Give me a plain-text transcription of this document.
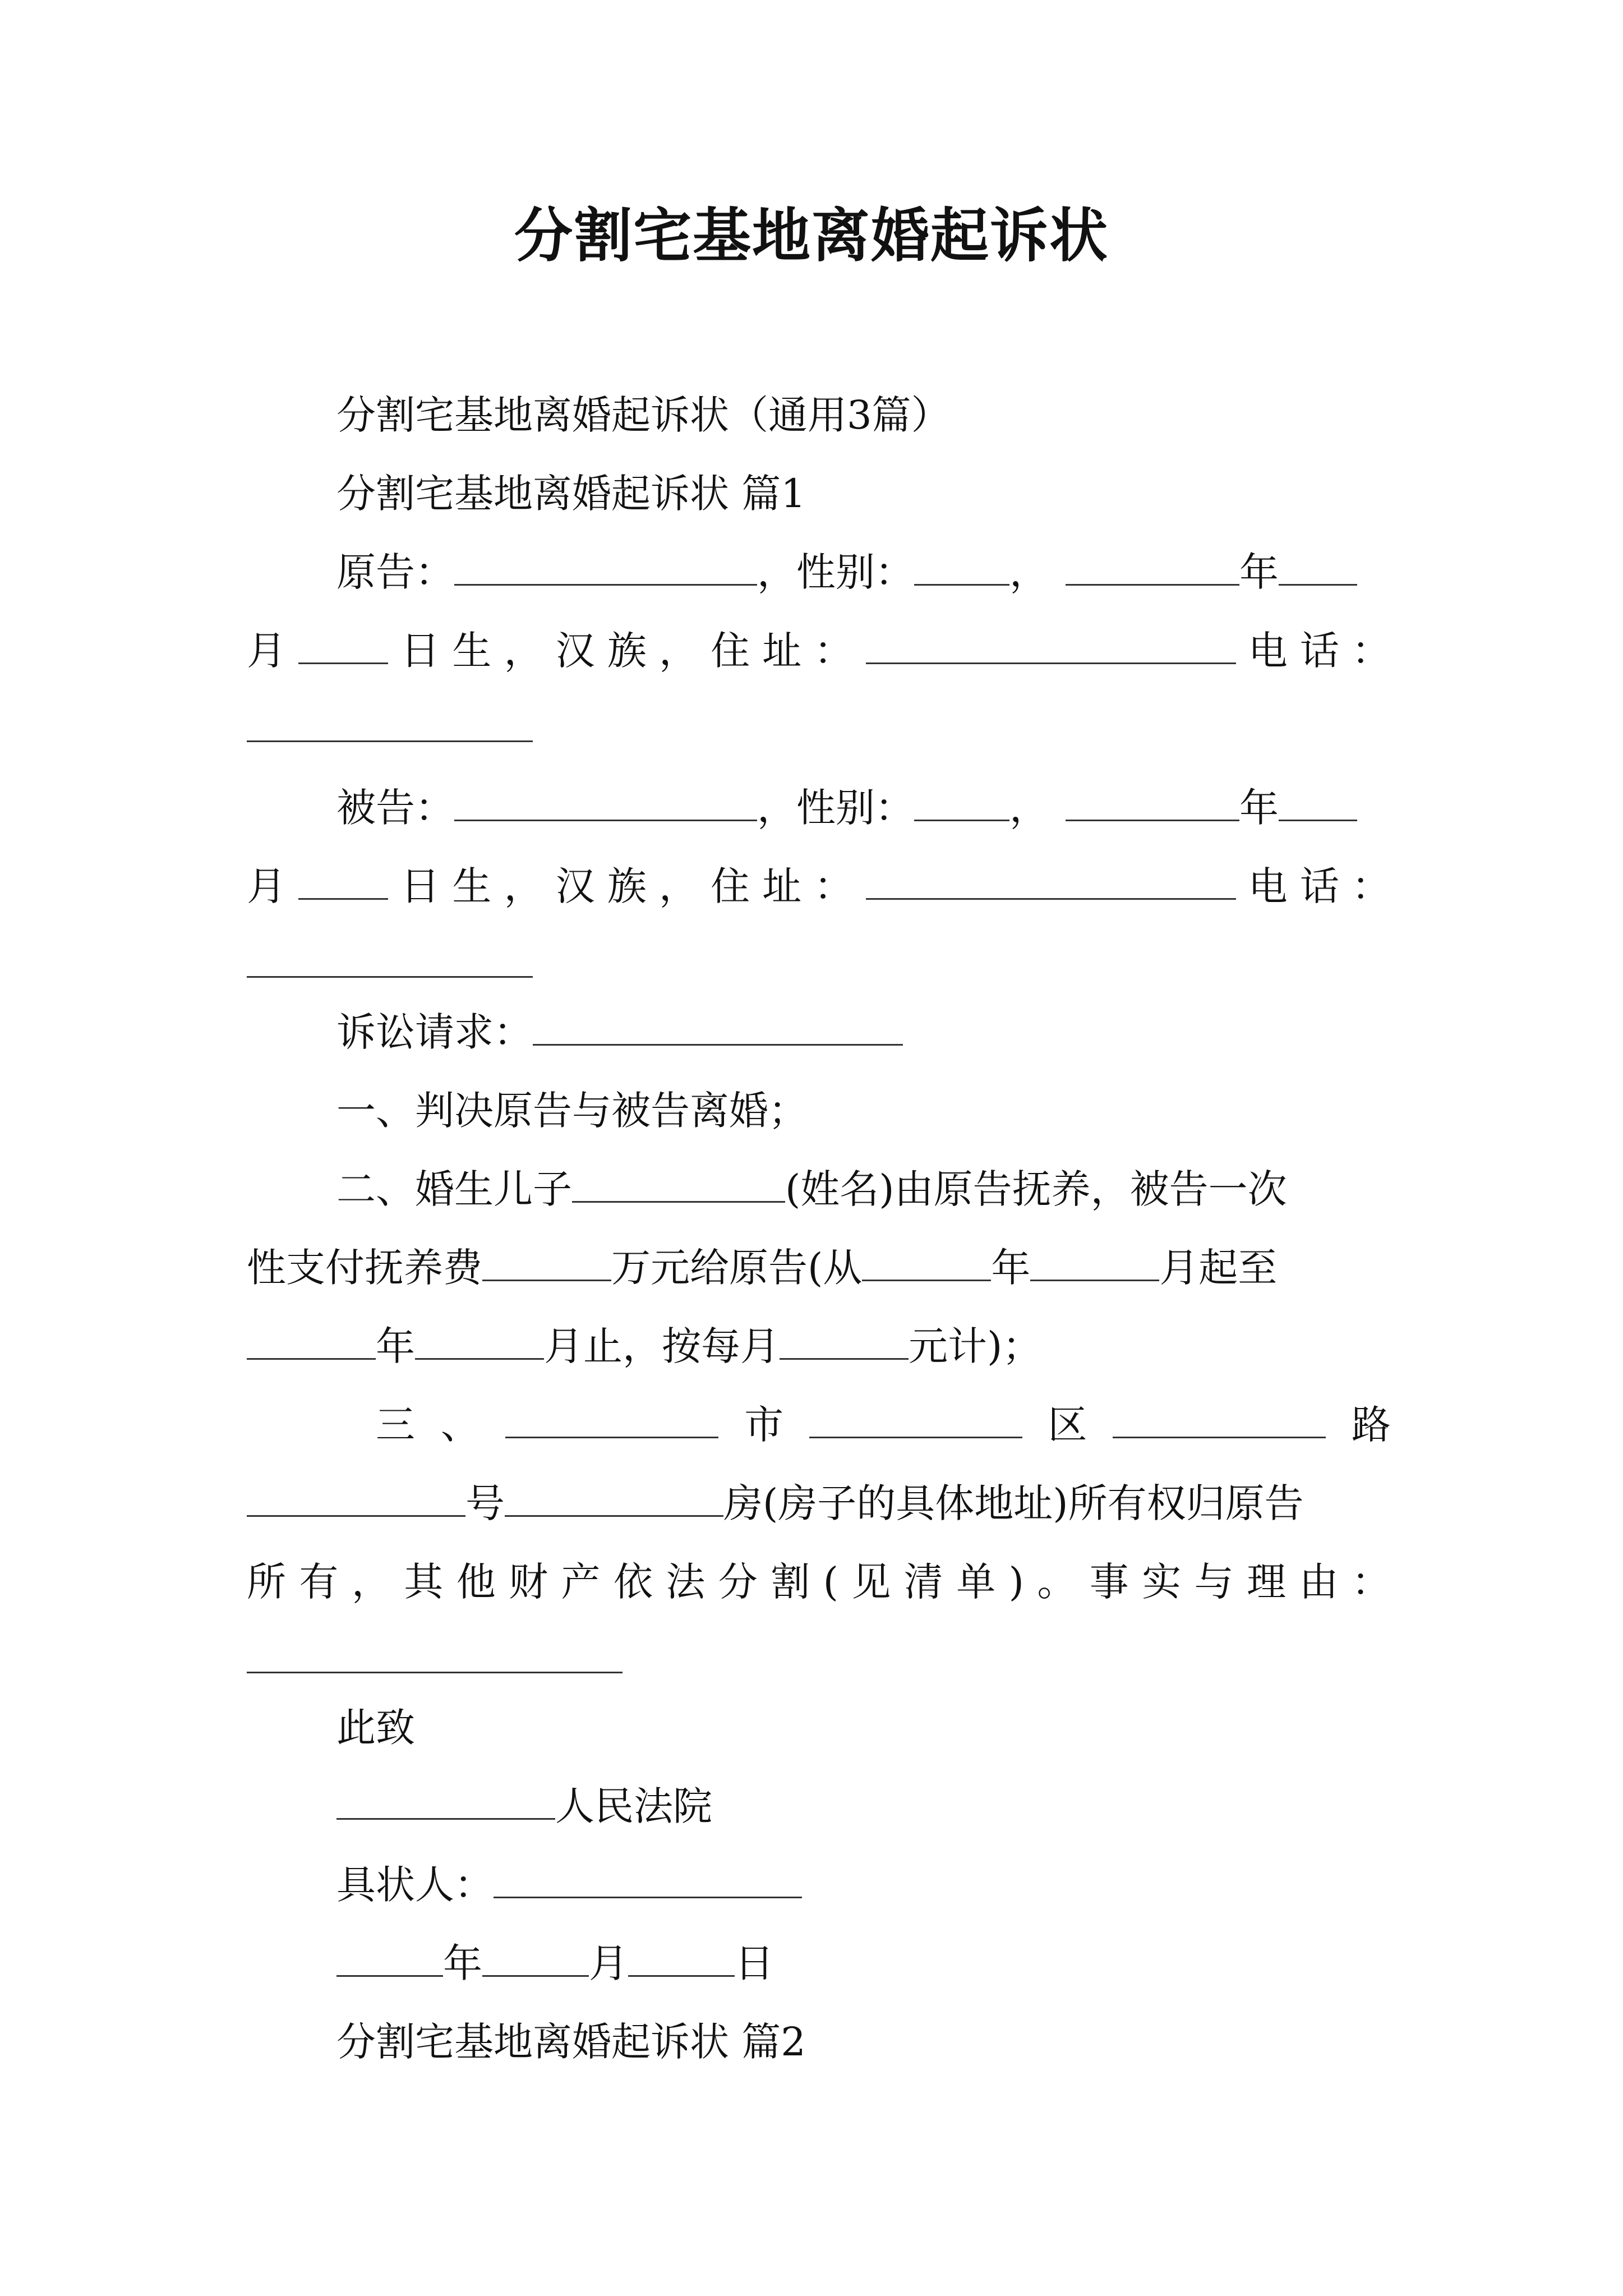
分割宅基地离婚起诉状
分割宅基地离婚起诉状（通用3篇）
分割宅基地离婚起诉状 篇1
原告：	，性别： ，	年
月	日 生 ， 汉 族 ， 住 址 ：	电 话 ：
被告：	，性别： ，	年
月	日 生 ， 汉 族 ， 住 址 ：	电 话 ：
诉讼请求：
一、判决原告与被告离婚；
二、婚生儿子	(姓名)由原告抚养，被告一次
性支付抚养费	万元给原告(从	年	月起至
年	月止，按每月	元计)；
三 、	市	区	路
号	房(房子的具体地址)所有权归原告
所 有 ， 其 他 财 产 依 法 分 割 ( 见 清 单 ) 。 事 实 与 理 由 ：
此致
人民法院
具状人：
年	月	日
分割宅基地离婚起诉状 篇2
